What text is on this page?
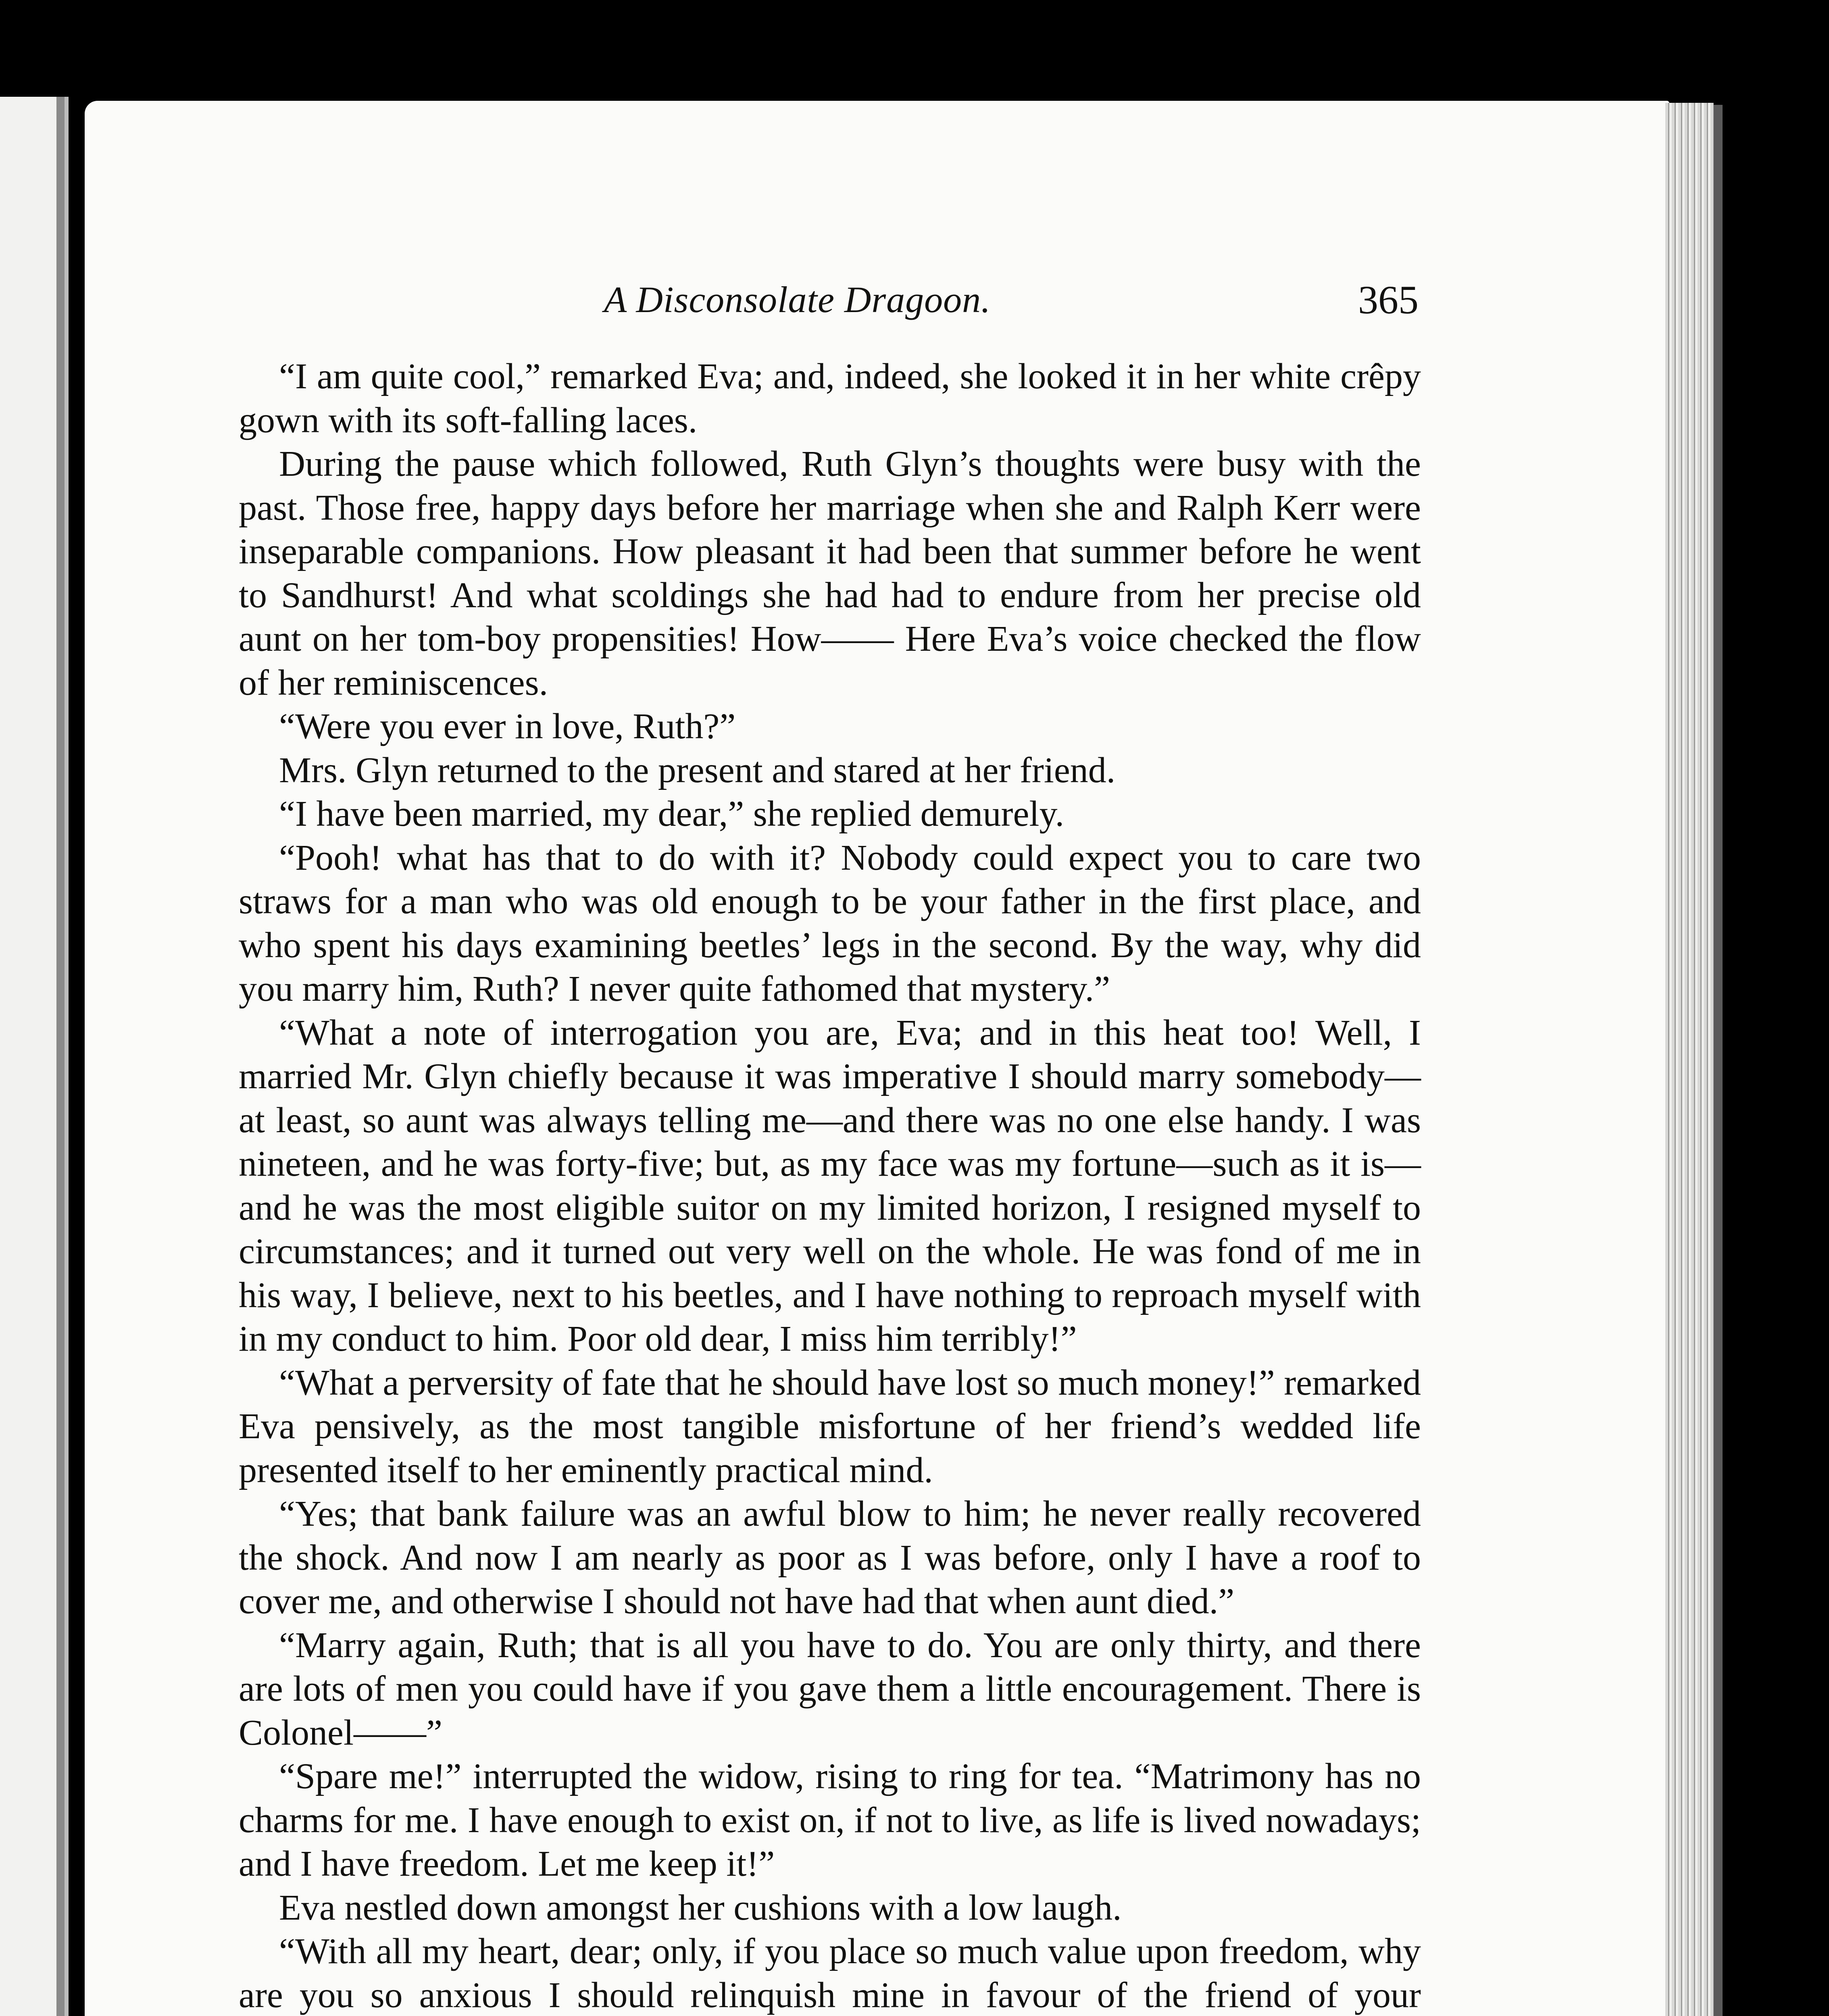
A Disconsolate Dragoon.	365

“I am quite cool,” remarked Eva; and, indeed, she looked it in her white crêpy gown with its soft-falling laces.

During the pause which followed, Ruth Glyn’s thoughts were busy with the past. Those free, happy days before her marriage when she and Ralph Kerr were inseparable companions. How pleasant it had been that summer before he went to Sandhurst! And what scoldings she had had to endure from her precise old aunt on her tom-boy propensities! How—— Here Eva’s voice checked the flow of her reminiscences.

“Were you ever in love, Ruth?”

Mrs. Glyn returned to the present and stared at her friend.

“I have been married, my dear,” she replied demurely.

“Pooh! what has that to do with it? Nobody could expect you to care two straws for a man who was old enough to be your father in the first place, and who spent his days examining beetles’ legs in the second. By the way, why did you marry him, Ruth? I never quite fathomed that mystery.”

“What a note of interrogation you are, Eva; and in this heat too! Well, I married Mr. Glyn chiefly because it was imperative I should marry somebody—at least, so aunt was always telling me—and there was no one else handy. I was nineteen, and he was forty-five; but, as my face was my fortune—such as it is—and he was the most eligible suitor on my limited horizon, I resigned myself to circumstances; and it turned out very well on the whole. He was fond of me in his way, I believe, next to his beetles, and I have nothing to reproach myself with in my conduct to him. Poor old dear, I miss him terribly!”

“What a perversity of fate that he should have lost so much money!” remarked Eva pensively, as the most tangible misfortune of her friend’s wedded life presented itself to her eminently practical mind.

“Yes; that bank failure was an awful blow to him; he never really recovered the shock. And now I am nearly as poor as I was before, only I have a roof to cover me, and otherwise I should not have had that when aunt died.”

“Marry again, Ruth; that is all you have to do. You are only thirty, and there are lots of men you could have if you gave them a little encouragement. There is Colonel——”

“Spare me!” interrupted the widow, rising to ring for tea. “Matrimony has no charms for me. I have enough to exist on, if not to live, as life is lived nowadays; and I have freedom. Let me keep it!”

Eva nestled down amongst her cushions with a low laugh.

“With all my heart, dear; only, if you place so much value upon freedom, why are you so anxious I should relinquish mine in favour of the friend of your
